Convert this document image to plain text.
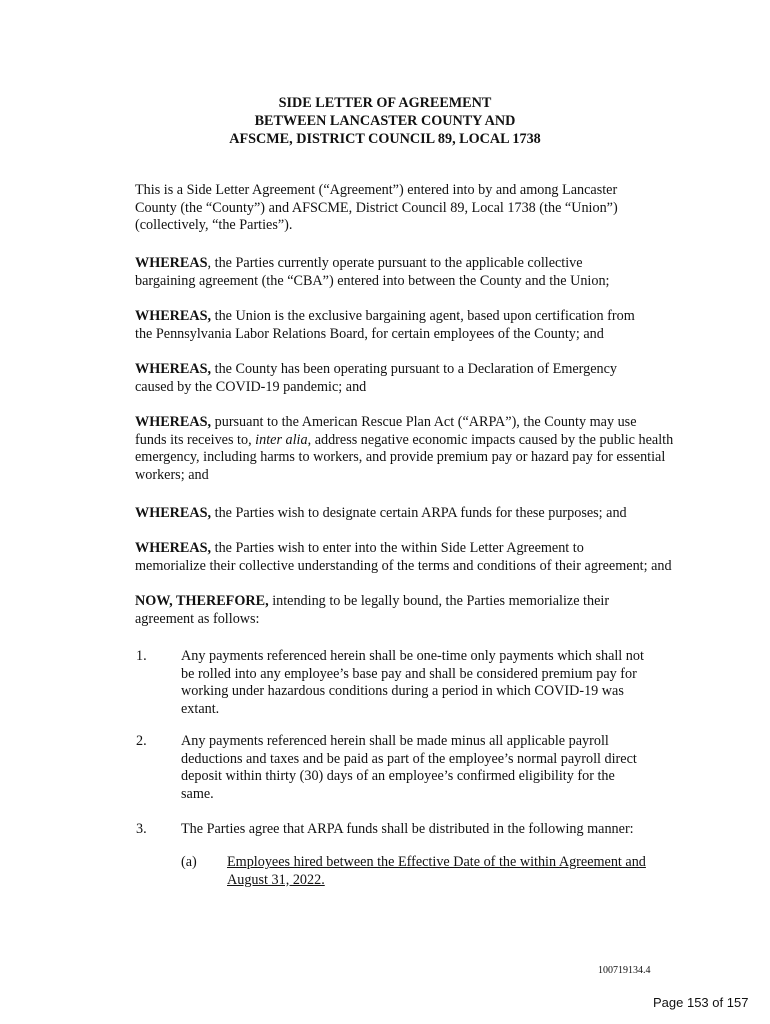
SIDE LETTER OF AGREEMENT
BETWEEN LANCASTER COUNTY AND
AFSCME, DISTRICT COUNCIL 89, LOCAL 1738
This is a Side Letter Agreement (“Agreement”) entered into by and among Lancaster
County (the “County”) and AFSCME, District Council 89, Local 1738 (the “Union”)
(collectively, “the Parties”).
WHEREAS, the Parties currently operate pursuant to the applicable collective
bargaining agreement (the “CBA”) entered into between the County and the Union;
WHEREAS, the Union is the exclusive bargaining agent, based upon certification from
the Pennsylvania Labor Relations Board, for certain employees of the County; and
WHEREAS, the County has been operating pursuant to a Declaration of Emergency
caused by the COVID-19 pandemic; and
WHEREAS, pursuant to the American Rescue Plan Act (“ARPA”), the County may use
funds its receives to, inter alia, address negative economic impacts caused by the public health
emergency, including harms to workers, and provide premium pay or hazard pay for essential
workers; and
WHEREAS, the Parties wish to designate certain ARPA funds for these purposes; and
WHEREAS, the Parties wish to enter into the within Side Letter Agreement to
memorialize their collective understanding of the terms and conditions of their agreement; and
NOW, THEREFORE, intending to be legally bound, the Parties memorialize their
agreement as follows:
1. Any payments referenced herein shall be one-time only payments which shall not
be rolled into any employee’s base pay and shall be considered premium pay for
working under hazardous conditions during a period in which COVID-19 was
extant.
2. Any payments referenced herein shall be made minus all applicable payroll
deductions and taxes and be paid as part of the employee’s normal payroll direct
deposit within thirty (30) days of an employee’s confirmed eligibility for the
same.
3. The Parties agree that ARPA funds shall be distributed in the following manner:
(a) Employees hired between the Effective Date of the within Agreement and
August 31, 2022.
100719134.4
Page 153 of 157
